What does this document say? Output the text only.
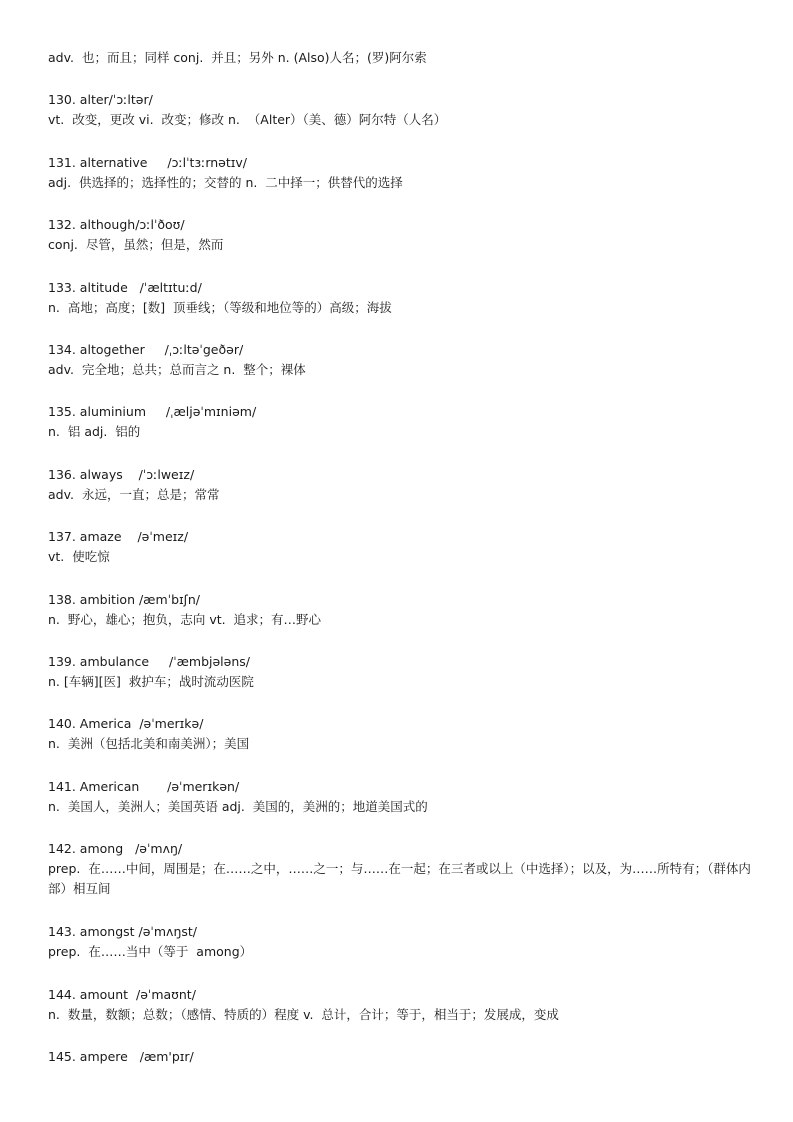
adv.  也；而且；同样 conj.  并且；另外 n. (Also)人名；(罗)阿尔索
130. alter/ˈɔːltər/
vt.  改变，更改 vi.  改变；修改 n.  （Alter）（美、德）阿尔特（人名）
131. alternative     /ɔːlˈtɜːrnətɪv/
adj.  供选择的；选择性的；交替的 n.  二中择一；供替代的选择
132. although/ɔːlˈðoʊ/
conj.  尽管，虽然；但是，然而
133. altitude   /ˈæltɪtuːd/
n.  高地；高度；[数]  顶垂线；（等级和地位等的）高级；海拔
134. altogether     /ˌɔːltəˈgeðər/
adv.  完全地；总共；总而言之 n.  整个；裸体
135. aluminium     /ˌæljəˈmɪniəm/
n.  铝 adj.  铝的
136. always    /ˈɔːlweɪz/
adv.  永远，一直；总是；常常
137. amaze    /əˈmeɪz/
vt.  使吃惊
138. ambition /æmˈbɪʃn/
n.  野心，雄心；抱负，志向 vt.  追求；有…野心
139. ambulance     /ˈæmbjələns/
n. [车辆][医]  救护车；战时流动医院
140. America  /əˈmerɪkə/
n.  美洲（包括北美和南美洲）；美国
141. American       /əˈmerɪkən/
n.  美国人，美洲人；美国英语 adj.  美国的，美洲的；地道美国式的
142. among   /əˈmʌŋ/
prep.  在……中间，周围是；在……之中，……之一；与……在一起；在三者或以上（中选择）；以及，为……所特有；（群体内部）相互间
143. amongst /əˈmʌŋst/
prep.  在……当中（等于  among）
144. amount  /əˈmaʊnt/
n.  数量，数额；总数；（感情、特质的）程度 v.  总计，合计；等于，相当于；发展成，变成
145. ampere   /æm'pɪr/
